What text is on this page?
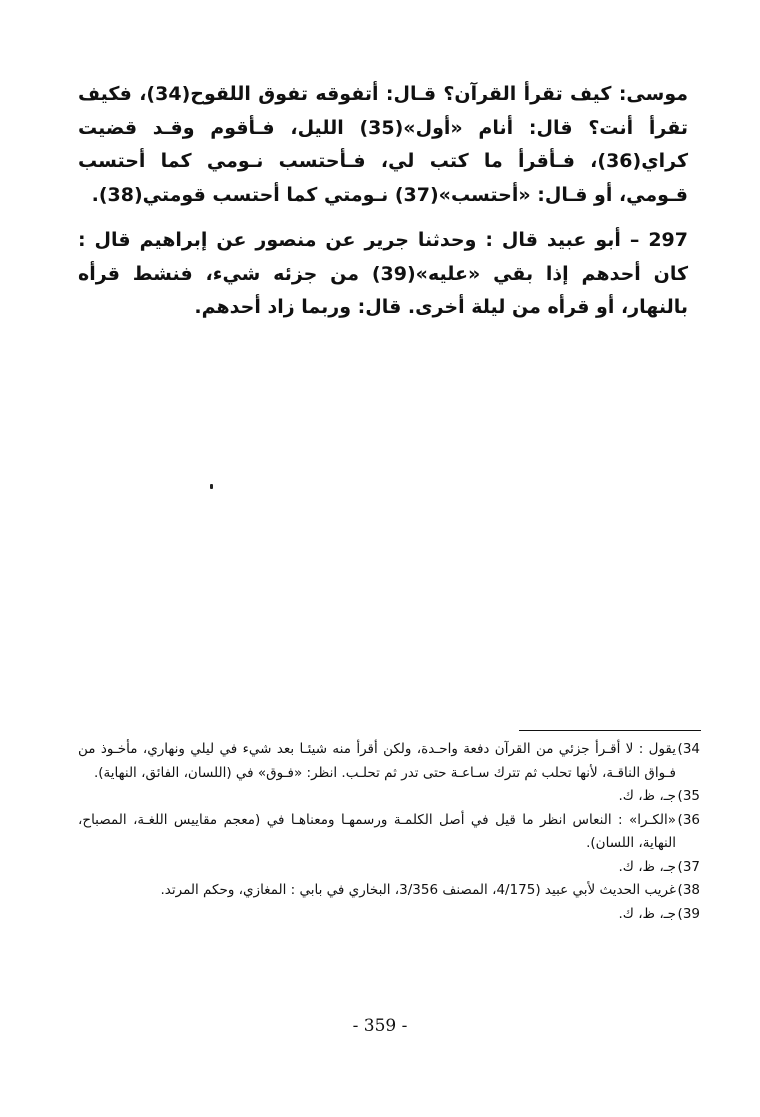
موسى: كيف تقرأ القرآن؟ قـال: أتفوقه تفوق اللقوح(34)، فكيف تقرأ أنت؟ قال: أنام «أول»(35) الليل، فـأقوم وقـد قضيت كراي(36)، فـأقرأ ما كتب لي، فـأحتسب نـومي كما أحتسب قـومي، أو قـال: «أحتسب»(37) نـومتي كما أحتسب قومتي(38).

297 – أبو عبيد قال : وحدثنا جرير عن منصور عن إبراهيم قال : كان أحدهم إذا بقي «عليه»(39) من جزئه شيء، فنشط قرأه بالنهار، أو قرأه من ليلة أخرى. قال: وربما زاد أحدهم.

34)
يقول : لا أقـرأ جزئي من القرآن دفعة واحـدة، ولكن أقرأ منه شيئـا بعد شيء في ليلي ونهاري، مأخـوذ من فـواق الناقـة، لأنها تحلب ثم تترك سـاعـة حتى تدر ثم تحلـب. انظر: «فـوق» في (اللسان، الفائق، النهاية).
35)
جـ، ظ، ك.
36)
«الكـرا» : النعاس انظر ما قيل في أصل الكلمـة ورسمهـا ومعناهـا في (معجم مقاييس اللغـة، المصباح، النهاية، اللسان).
37)
جـ، ظ، ك.
38)
غريب الحديث لأبي عبيد (4/175، المصنف 3/356، البخاري في بابي : المغازي، وحكم المرتد.
39)
جـ، ظ، ك.
- 359 -
